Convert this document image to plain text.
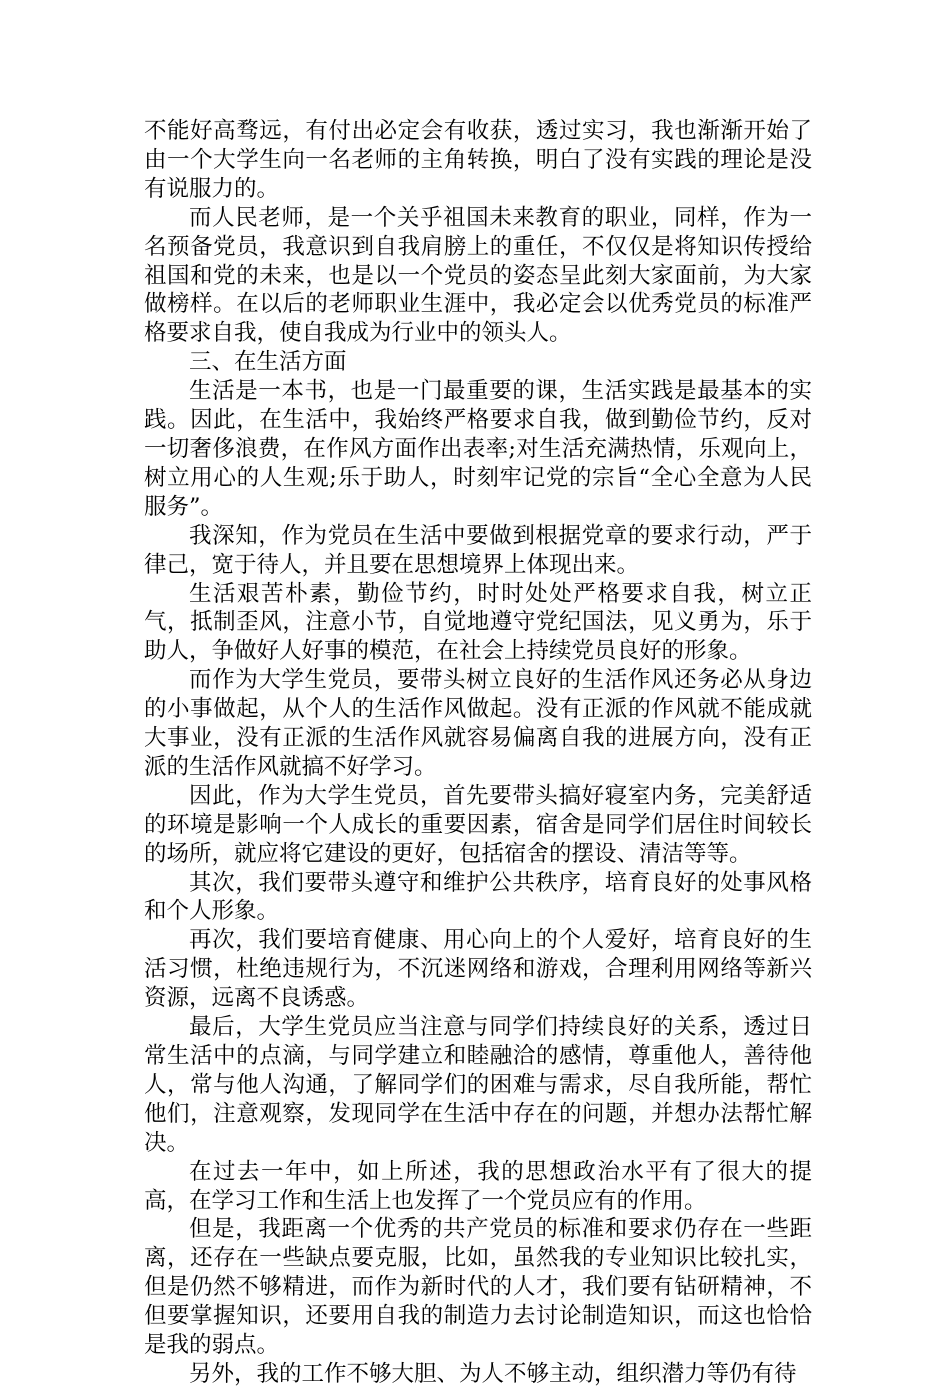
不能好高骛远，有付出必定会有收获，透过实习，我也渐渐开始了由一个大学生向一名老师的主角转换，明白了没有实践的理论是没有说服力的。

而人民老师，是一个关乎祖国未来教育的职业，同样，作为一名预备党员，我意识到自我肩膀上的重任，不仅仅是将知识传授给祖国和党的未来，也是以一个党员的姿态呈此刻大家面前，为大家做榜样。在以后的老师职业生涯中，我必定会以优秀党员的标准严格要求自我，使自我成为行业中的领头人。

三、在生活方面

生活是一本书，也是一门最重要的课，生活实践是最基本的实践。因此，在生活中，我始终严格要求自我，做到勤俭节约，反对一切奢侈浪费，在作风方面作出表率;对生活充满热情，乐观向上，树立用心的人生观;乐于助人，时刻牢记党的宗旨“全心全意为人民服务”。

我深知，作为党员在生活中要做到根据党章的要求行动，严于律己，宽于待人，并且要在思想境界上体现出来。

生活艰苦朴素，勤俭节约，时时处处严格要求自我，树立正气，抵制歪风，注意小节，自觉地遵守党纪国法，见义勇为，乐于助人，争做好人好事的模范，在社会上持续党员良好的形象。

而作为大学生党员，要带头树立良好的生活作风还务必从身边的小事做起，从个人的生活作风做起。没有正派的作风就不能成就大事业，没有正派的生活作风就容易偏离自我的进展方向，没有正派的生活作风就搞不好学习。

因此，作为大学生党员，首先要带头搞好寝室内务，完美舒适的环境是影响一个人成长的重要因素，宿舍是同学们居住时间较长的场所，就应将它建设的更好，包括宿舍的摆设、清洁等等。

其次，我们要带头遵守和维护公共秩序，培育良好的处事风格和个人形象。

再次，我们要培育健康、用心向上的个人爱好，培育良好的生活习惯，杜绝违规行为，不沉迷网络和游戏，合理利用网络等新兴资源，远离不良诱惑。

最后，大学生党员应当注意与同学们持续良好的关系，透过日常生活中的点滴，与同学建立和睦融洽的感情，尊重他人，善待他人，常与他人沟通，了解同学们的困难与需求，尽自我所能，帮忙他们，注意观察，发现同学在生活中存在的问题，并想办法帮忙解决。

在过去一年中，如上所述，我的思想政治水平有了很大的提高，在学习工作和生活上也发挥了一个党员应有的作用。

但是，我距离一个优秀的共产党员的标准和要求仍存在一些距离，还存在一些缺点要克服，比如，虽然我的专业知识比较扎实，但是仍然不够精进，而作为新时代的人才，我们要有钻研精神，不但要掌握知识，还要用自我的制造力去讨论制造知识，而这也恰恰是我的弱点。

另外，我的工作不够大胆、为人不够主动，组织潜力等仍有待
